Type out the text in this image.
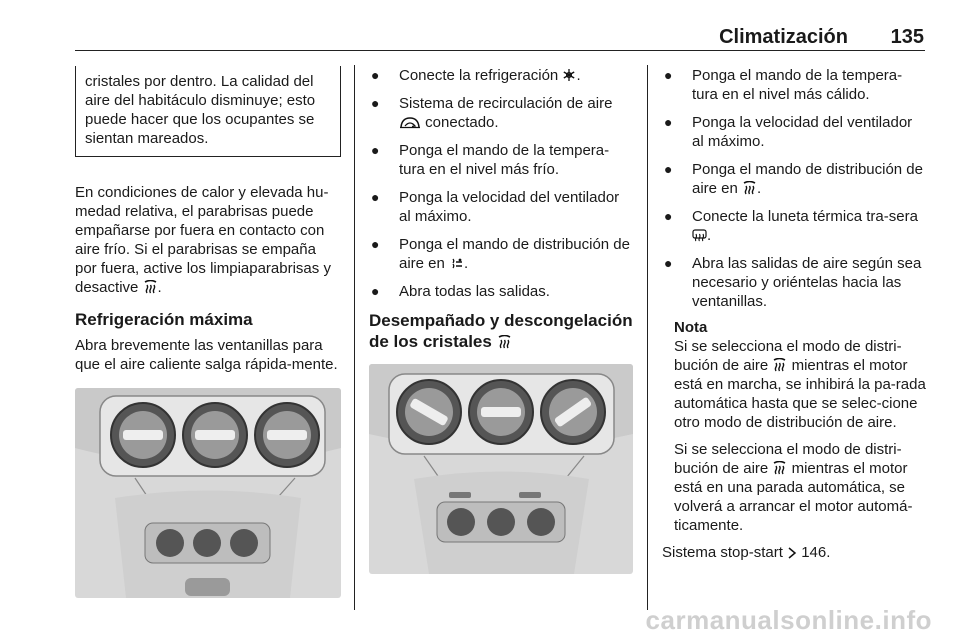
Climatización 135

cristales por dentro. La calidad del aire del habitáculo disminuye; esto puede hacer que los ocupantes se sientan mareados.

En condiciones de calor y elevada hu-medad relativa, el parabrisas puede empañarse por fuera en contacto con aire frío. Si el parabrisas se empaña por fuera, active los limpiaparabrisas y desactive .

Refrigeración máxima

Abra brevemente las ventanillas para que el aire caliente salga rápida-mente.

● Conecte la refrigeración .
● Sistema de recirculación de aire
conectado.
● Ponga el mando de la tempera-tura en el nivel más frío.
● Ponga la velocidad del ventilador al máximo.
● Ponga el mando de distribución de aire en .
● Abra todas las salidas.
Desempañado y descongelación de los cristales
● Ponga el mando de la tempera-tura en el nivel más cálido.
● Ponga la velocidad del ventilador al máximo.
● Ponga el mando de distribución de aire en .
● Conecte la luneta térmica tra-sera .
● Abra las salidas de aire según sea necesario y oriéntelas hacia las ventanillas.

Nota

Si se selecciona el modo de distri-bución de aire mientras el motor está en marcha, se inhibirá la pa-rada automática hasta que se selec-cione otro modo de distribución de aire.

Si se selecciona el modo de distri-bución de aire mientras el motor está en una parada automática, se volverá a arrancar el motor automá-ticamente.

Sistema stop-start 146.

carmanualsonline.info
